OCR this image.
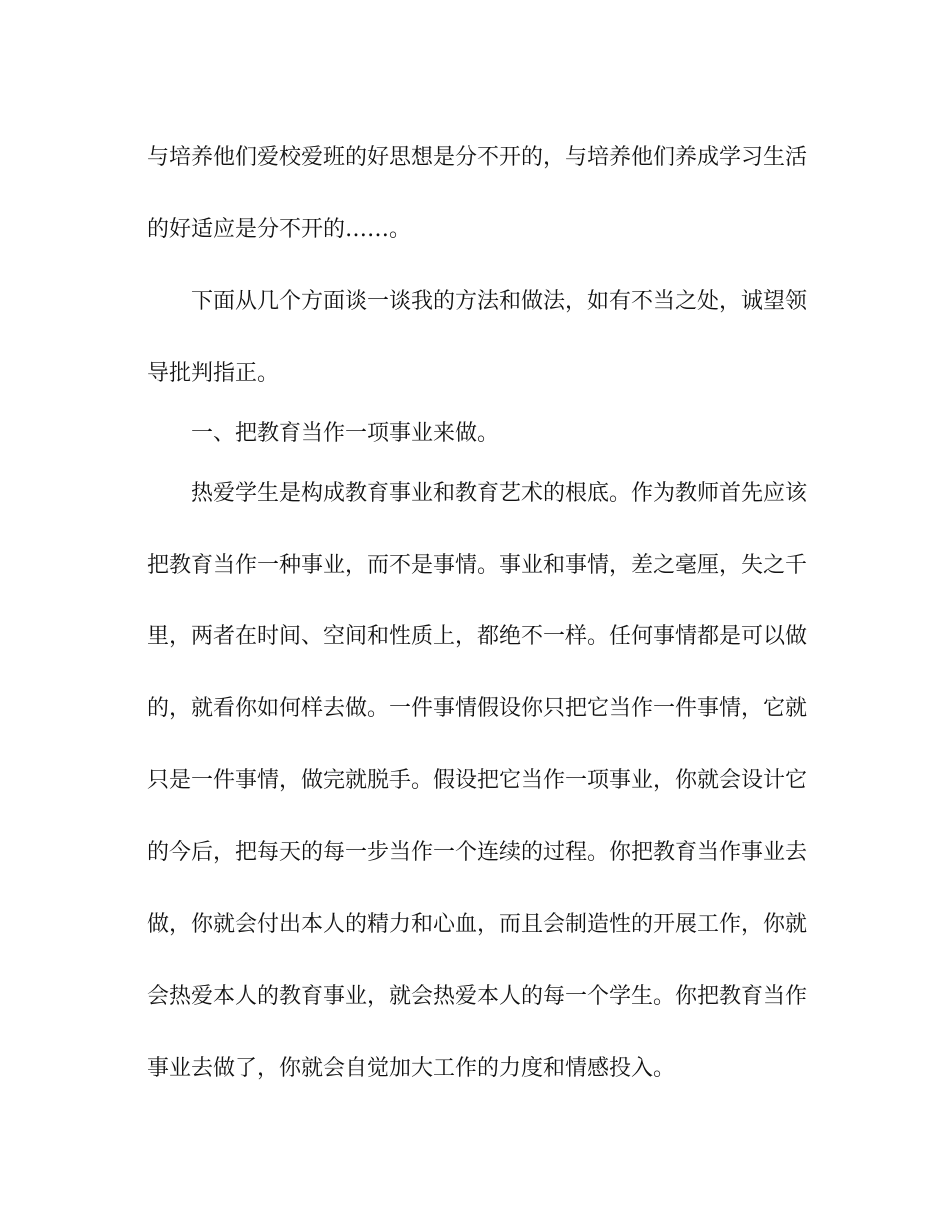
与培养他们爱校爱班的好思想是分不开的，与培养他们养成学习生活
的好适应是分不开的……。
下面从几个方面谈一谈我的方法和做法，如有不当之处，诚望领
导批判指正。
一、把教育当作一项事业来做。
热爱学生是构成教育事业和教育艺术的根底。作为教师首先应该
把教育当作一种事业，而不是事情。事业和事情，差之毫厘，失之千
里，两者在时间、空间和性质上，都绝不一样。任何事情都是可以做
的，就看你如何样去做。一件事情假设你只把它当作一件事情，它就
只是一件事情，做完就脱手。假设把它当作一项事业，你就会设计它
的今后，把每天的每一步当作一个连续的过程。你把教育当作事业去
做，你就会付出本人的精力和心血，而且会制造性的开展工作，你就
会热爱本人的教育事业，就会热爱本人的每一个学生。你把教育当作
事业去做了，你就会自觉加大工作的力度和情感投入。
